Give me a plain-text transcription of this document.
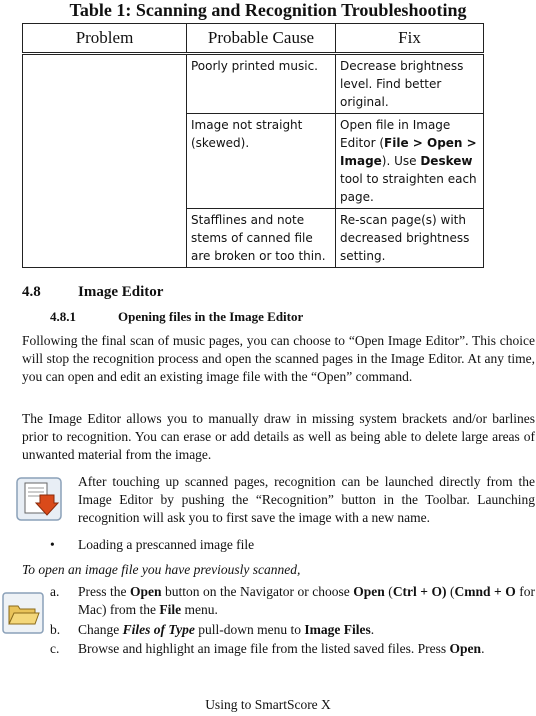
Table 1: Scanning and Recognition Troubleshooting
Problem	Probable Cause	Fix
	Poorly printed music.	Decrease brightness level. Find better original.
	Image not straight (skewed).	Open file in Image Editor (File > Open > Image). Use Deskew tool to straighten each page.
	Stafflines and note stems of canned file are broken or too thin.	Re-scan page(s) with decreased brightness setting.
4.8 Image Editor
4.8.1	Opening files in the Image Editor

Following the final scan of music pages, you can choose to “Open Image Editor”. This choice will stop the recognition process and open the scanned pages in the Image Editor. At any time, you can open and edit an existing image file with the “Open” command.

The Image Editor allows you to manually draw in missing system brackets and/or barlines prior to recognition. You can erase or add details as well as being able to delete large areas of unwanted material from the image.

After touching up scanned pages, recognition can be launched directly from the Image Editor by pushing the “Recognition” button in the Toolbar. Launching recognition will ask you to first save the image with a new name.

• Loading a prescanned image file
To open an image file you have previously scanned,
a. Press the Open button on the Navigator or choose Open (Ctrl + O) (Cmnd + O for Mac) from the File menu.

b. Change Files of Type pull-down menu to Image Files.

c. Browse and highlight an image file from the listed saved files. Press Open.

Using to SmartScore X
